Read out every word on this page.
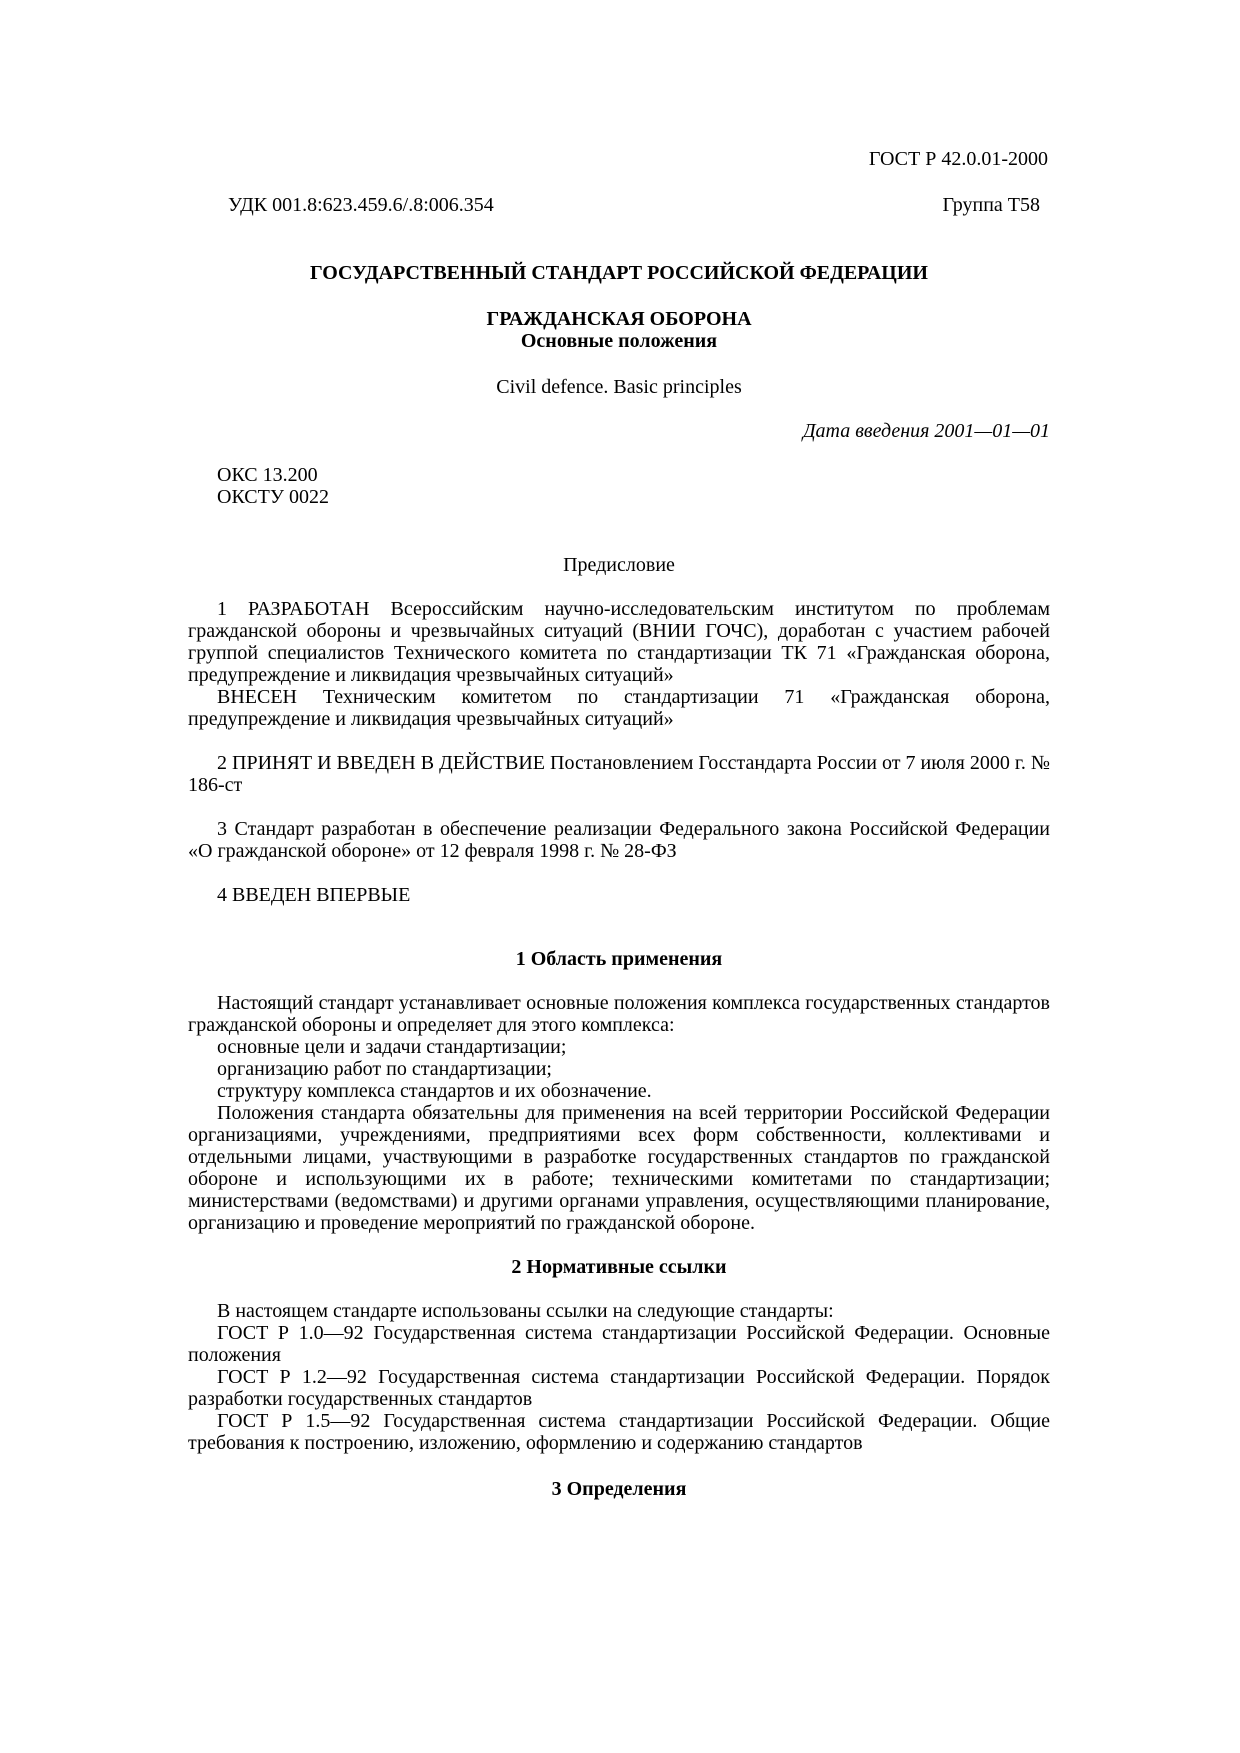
ГОСТ Р 42.0.01-2000
УДК 001.8:623.459.6/.8:006.354	Группа Т58
ГОСУДАРСТВЕННЫЙ СТАНДАРТ РОССИЙСКОЙ ФЕДЕРАЦИИ
ГРАЖДАНСКАЯ ОБОРОНА
Основные положения
Civil defence. Basic principles
Дата введения 2001—01—01
ОКС 13.200
ОКСТУ 0022
Предисловие

1 РАЗРАБОТАН Всероссийским научно-исследовательским институтом по проблемам гражданской обороны и чрезвычайных ситуаций (ВНИИ ГОЧС), доработан с участием рабочей группой специалистов Технического комитета по стандартизации ТК 71 «Гражданская оборона, предупреждение и ликвидация чрезвычайных ситуаций»

ВНЕСЕН Техническим комитетом по стандартизации 71 «Гражданская оборона, предупреждение и ликвидация чрезвычайных ситуаций»

2 ПРИНЯТ И ВВЕДЕН В ДЕЙСТВИЕ Постановлением Госстандарта России от 7 июля 2000 г. № 186-ст

3 Стандарт разработан в обеспечение реализации Федерального закона Российской Федерации «О гражданской обороне» от 12 февраля 1998 г. № 28-ФЗ

4 ВВЕДЕН ВПЕРВЫЕ

1 Область применения

Настоящий стандарт устанавливает основные положения комплекса государственных стандартов гражданской обороны и определяет для этого комплекса:

основные цели и задачи стандартизации;

организацию работ по стандартизации;

структуру комплекса стандартов и их обозначение.

Положения стандарта обязательны для применения на всей территории Российской Федерации организациями, учреждениями, предприятиями всех форм собственности, коллективами и отдельными лицами, участвующими в разработке государственных стандартов по гражданской обороне и использующими их в работе; техническими комитетами по стандартизации; министерствами (ведомствами) и другими органами управления, осуществляющими планирование, организацию и проведение мероприятий по гражданской обороне.

2 Нормативные ссылки

В настоящем стандарте использованы ссылки на следующие стандарты:

ГОСТ Р 1.0—92 Государственная система стандартизации Российской Федерации. Основные положения

ГОСТ Р 1.2—92 Государственная система стандартизации Российской Федерации. Порядок разработки государственных стандартов

ГОСТ Р 1.5—92 Государственная система стандартизации Российской Федерации. Общие требования к построению, изложению, оформлению и содержанию стандартов

3 Определения
